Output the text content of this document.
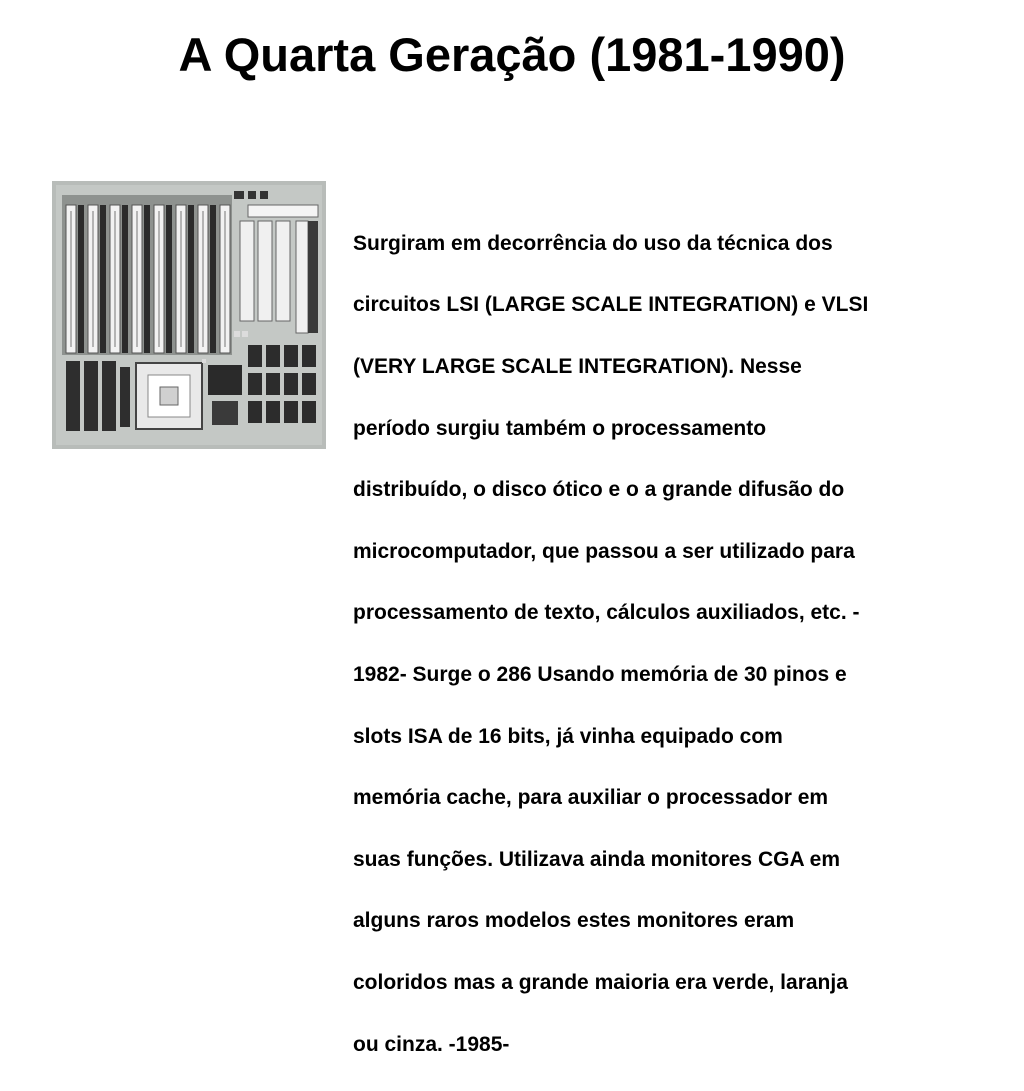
A Quarta Geração (1981-1990)

Surgiram em decorrência do uso da técnica dos

circuitos LSI (LARGE SCALE INTEGRATION) e VLSI

(VERY LARGE SCALE INTEGRATION). Nesse

período surgiu também o processamento

distribuído, o disco ótico e o a grande difusão do

microcomputador, que passou a ser utilizado para

processamento de texto, cálculos auxiliados, etc. -

1982- Surge o 286 Usando memória de 30 pinos e

slots ISA de 16 bits, já vinha equipado com

memória cache, para auxiliar o processador em

suas funções. Utilizava ainda monitores CGA em

alguns raros modelos estes monitores eram

coloridos mas a grande maioria era verde, laranja

ou cinza. -1985-
